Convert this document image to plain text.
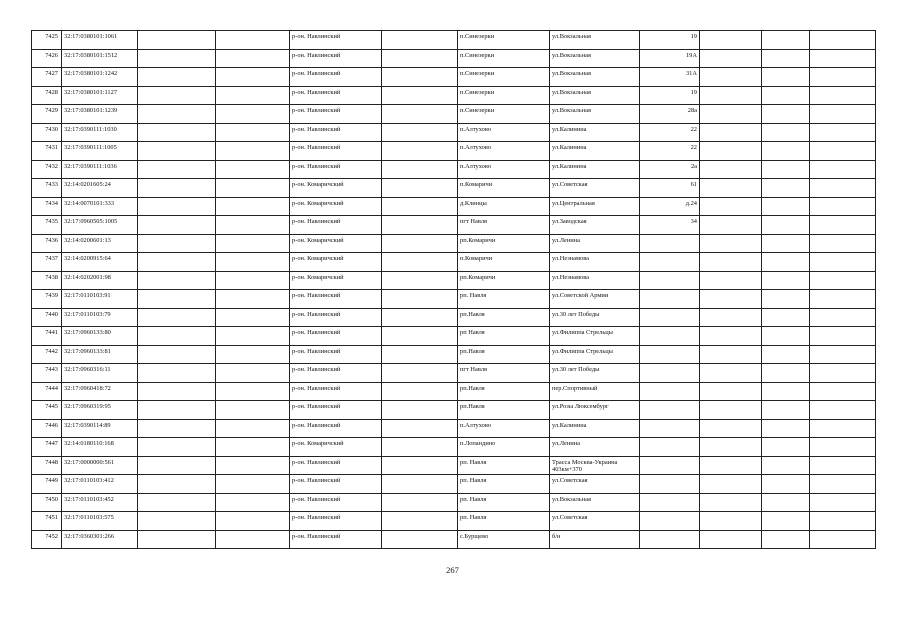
7425	32:17:0380101:1061			р-он. Навлинский		п.Синезерки	ул.Вокзальная	19			
7426	32:17:0380101:1512			р-он. Навлинский		п.Синезерки	ул.Вокзальная	19А			
7427	32:17:0380101:1242			р-он. Навлинский		п.Синезерки	ул.Вокзальная	31А			
7428	32:17:0380101:1127			р-он. Навлинский		п.Синезерки	ул.Вокзальная	19			
7429	32:17:0380101:1239			р-он. Навлинский		п.Синезерки	ул.Вокзальная	28а			
7430	32:17:0390111:1030			р-он. Навлинский		п.Алтухово	ул.Калинина	22			
7431	32:17:0390111:1005			р-он. Навлинский		п.Алтухово	ул.Калинина	22			
7432	32:17:0390111:1036			р-он. Навлинский		п.Алтухово	ул.Калинина	2а			
7433	32:14:0201605:24			р-он. Комаричский		п.Комаричи	ул.Советская	61			
7434	32:14:0070101:333			р-он. Комаричский		д.Клинцы	ул.Центральная	д.24			
7435	32:17:0960505:1005			р-он. Навлинский		пгт Навля	ул.Заводская	34			
7436	32:14:0200601:13			р-он. Комаричский		рп.Комаричи	ул.Ленина				
7437	32:14:0200915:64			р-он. Комаричский		п.Комаричи	ул.Незнамова				
7438	32:14:0202001:98			р-он. Комаричский		рп.Комаричи	ул.Незнамова				
7439	32:17:0110103:91			р-он. Навлинский		рп. Навля	ул.Советской Армии				
7440	32:17:0110103:79			р-он. Навлинский		рп.Навля	ул.30 лет Победы				
7441	32:17:0960133:80			р-он. Навлинский		рп Навля	ул.Филиппа Стрельцы				
7442	32:17:0960133:81			р-он. Навлинский		рп.Навля	ул.Филиппа Стрельцы				
7443	32:17:0960316:11			р-он. Навлинский		пгт Навля	ул.30 лет Победы				
7444	32:17:0960418:72			р-он. Навлинский		рп.Навля	пер.Спортивный				
7445	32:17:0960319:95			р-он. Навлинский		рп.Навля	ул.Розы Люксембург				
7446	32:17:0390114:89			р-он. Навлинский		п.Алтухово	ул.Калинина				
7447	32:14:0180110:168			р-он. Комаричский		п.Лопандино	ул.Ленина				
7448	32:17:0000000:561			р-он. Навлинский		рп. Навля	Трасса Москва-Украина 403км+370				
7449	32:17:0110103:412			р-он. Навлинский		рп. Навля	ул.Советская				
7450	32:17:0110103:452			р-он. Навлинский		рп. Навля	ул.Вокзальная				
7451	32:17:0110103:575			р-он. Навлинский		рп. Навля	ул.Советская				
7452	32:17:0360301:266			р-он. Навлинский		с.Бурщево	б/н				
267
